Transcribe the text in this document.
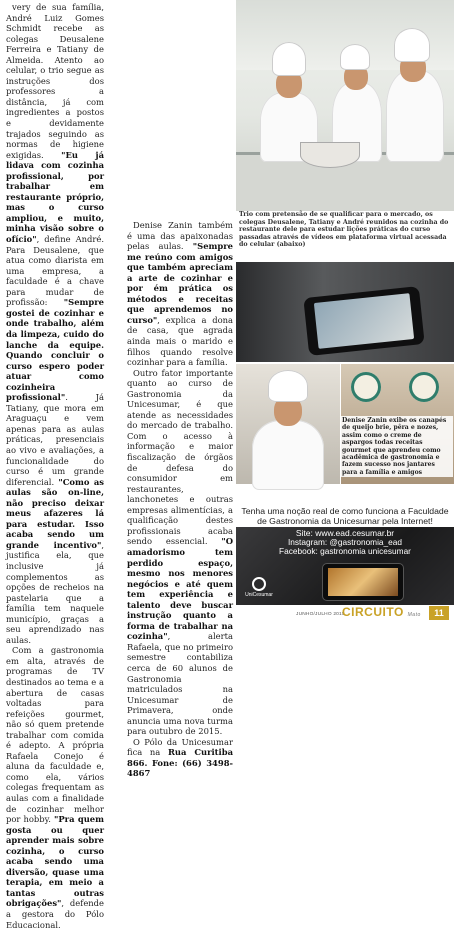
very de sua família, André Luiz Gomes Schmidt recebe as colegas Deusalene Ferreira e Tatiany de Almeida. Atento ao celular, o trio segue as instruções dos professores a distância, já com ingredientes a postos e devidamente trajados seguindo as normas de higiene exigidas. "Eu já lidava com cozinha profissional, por trabalhar em restaurante próprio, mas o curso ampliou, e muito, minha visão sobre o ofício", define André. Para Deusalene, que atua como diarista em uma empresa, a faculdade é a chave para mudar de profissão: "Sempre gostei de cozinhar e onde trabalho, além da limpeza, cuido do lanche da equipe. Quando concluir o curso espero poder atuar como cozinheira profissional". Já Tatiany, que mora em Araguaçu e vem apenas para as aulas práticas, presenciais ao vivo e avaliações, a funcionalidade do curso é um grande diferencial. "Como as aulas são on-line, não preciso deixar meus afazeres lá para estudar. Isso acaba sendo um grande incentivo", justifica ela, que inclusive já complementos as opções de recheios na pastelaria que a família tem naquele município, graças a seu aprendizado nas aulas.

Com a gastronomia em alta, através de programas de TV destinados ao tema e a abertura de casas voltadas para refeições gourmet, não só quem pretende trabalhar com comida é adepto. A própria Rafaela Conejo é aluna da faculdade e, como ela, vários colegas frequentam as aulas com a finalidade de cozinhar melhor por hobby. "Pra quem gosta ou quer aprender mais sobre cozinha, o curso acaba sendo uma diversão, quase uma terapia, em meio a tantas outras obrigações", defende a gestora do Pólo Educacional.

Denise Zanin também é uma das apaixonadas pelas aulas. "Sempre me reúno com amigos que também apreciam a arte de cozinhar e por ém prática os métodos e receitas que aprendemos no curso", explica a dona de casa, que agrada ainda mais o marido e filhos quando resolve cozinhar para a família.

Outro fator importante quanto ao curso de Gastronomia da Unicesumar, é que atende as necessidades do mercado de trabalho. Com o acesso à informação e maior fiscalização de órgãos de defesa do consumidor em restaurantes, lanchonetes e outras empresas alimentícias, a qualificação destes profissionais acaba sendo essencial. "O amadorismo tem perdido espaço, mesmo nos menores negócios e até quem tem experiência e talento deve buscar instrução quanto a forma de trabalhar na cozinha", alerta Rafaela, que no primeiro semestre contabiliza cerca de 60 alunos de Gastronomia matriculados na Unicesumar de Primavera, onde anuncia uma nova turma para outubro de 2015.

O Pólo da Unicesumar fica na Rua Curitiba 866. Fone: (66) 3498-4867

Trio com pretensão de se qualificar para o mercado, os colegas Deusalene, Tatiany e André reunidos na cozinha do restaurante dele para estudar lições práticas do curso passadas através de vídeos em plataforma virtual acessada do celular (abaixo)
Denise Zanin exibe os canapés de queijo brie, pêra e nozes, assim como o creme de aspargos todas receitas gourmet que aprendeu como acadêmica de gastronomia e fazem sucesso nos jantares para a família e amigos
Tenha uma noção real de como funciona a Faculdade de Gastronomia da Unicesumar pela Internet!
Site: www.ead.cesumar.br
Instagram: @gastronomia_ead
Facebook: gastronomia unicesumar
UniCesumar
JUNHO/JULHO 2015
CIRCUITO Mato	11
